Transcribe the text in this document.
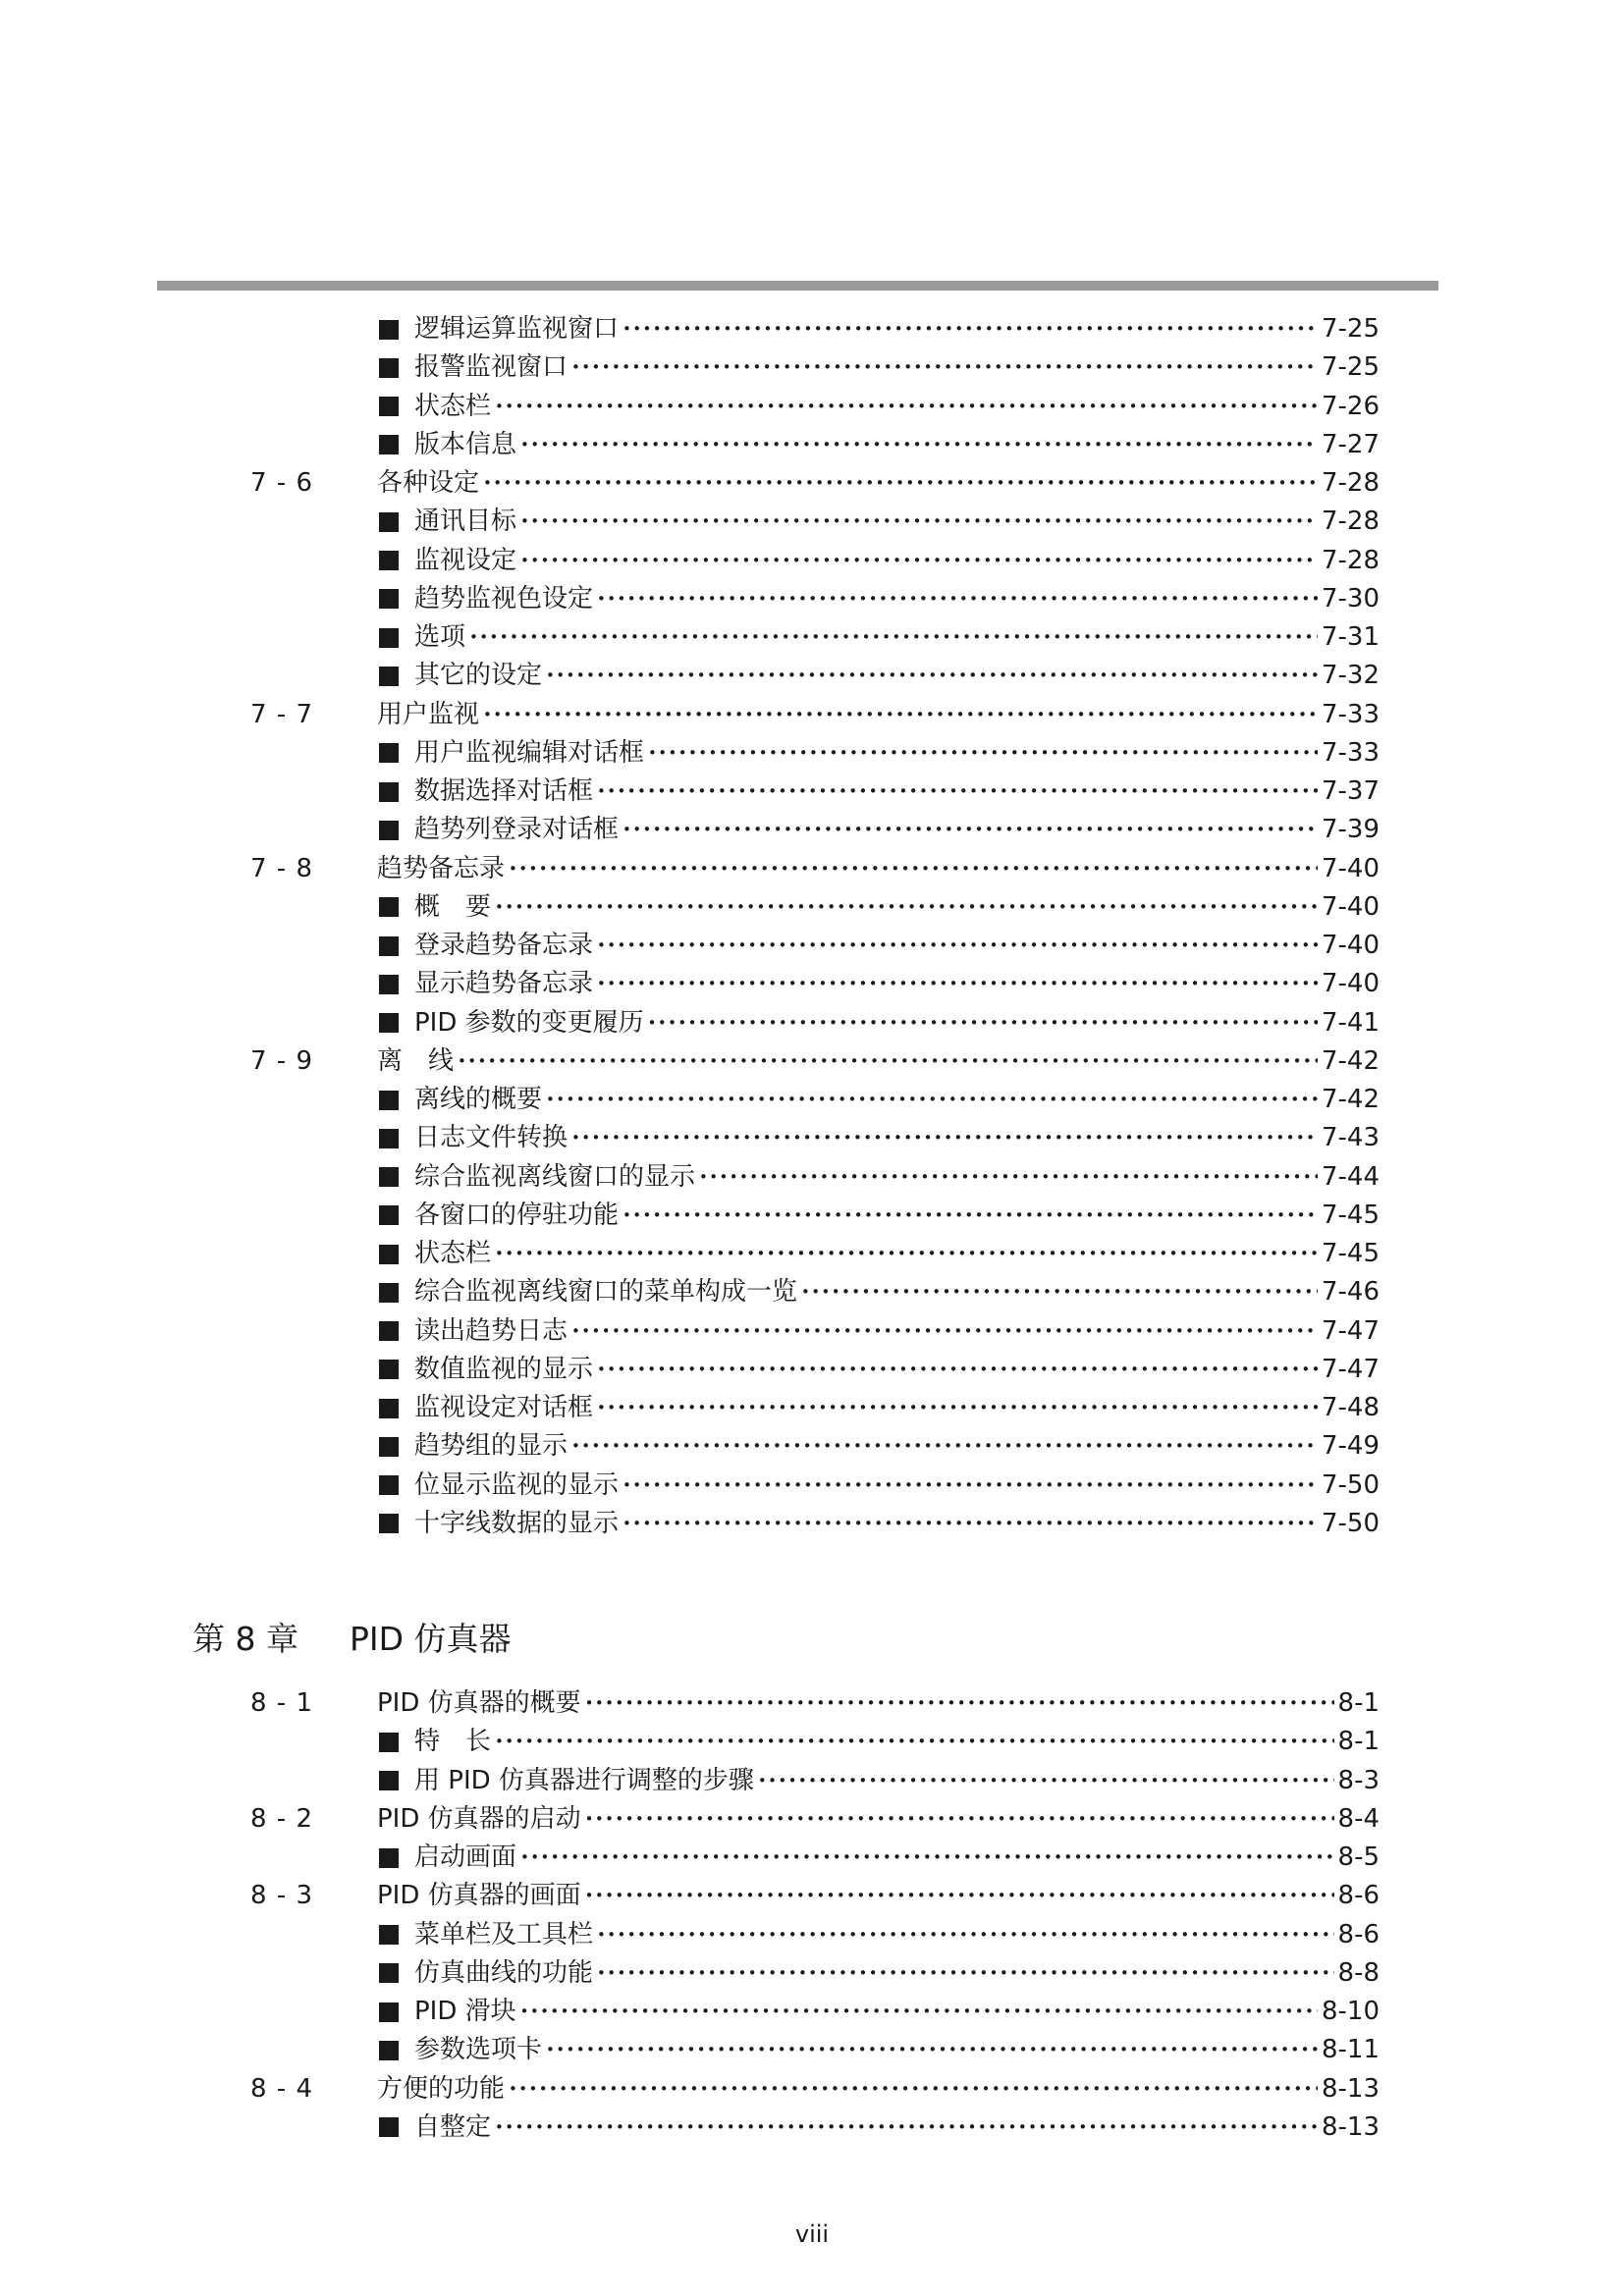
逻辑运算监视窗口 •••••	7-25
报警监视窗口 •••••	7-25
状态栏 •••••	7-26
版本信息 •••••	7-27
7 - 6	各种设定 •••••	7-28
通讯目标 •••••	7-28
监视设定 •••••	7-28
趋势监视色设定 •••••	7-30
选项 •••••	7-31
其它的设定 •••••	7-32
7 - 7	用户监视 •••••	7-33
用户监视编辑对话框 •••••	7-33
数据选择对话框 •••••	7-37
趋势列登录对话框 •••••	7-39
7 - 8	趋势备忘录 •••••	7-40
概　要 •••••	7-40
登录趋势备忘录 •••••	7-40
显示趋势备忘录 •••••	7-40
PID 参数的变更履历 •••••	7-41
7 - 9	离　线 •••••	7-42
离线的概要 •••••	7-42
日志文件转换 •••••	7-43
综合监视离线窗口的显示 •••••	7-44
各窗口的停驻功能 •••••	7-45
状态栏 •••••	7-45
综合监视离线窗口的菜单构成一览 •••••	7-46
读出趋势日志 •••••	7-47
数值监视的显示 •••••	7-47
监视设定对话框 •••••	7-48
趋势组的显示 •••••	7-49
位显示监视的显示 •••••	7-50
十字线数据的显示 •••••	7-50
8 - 1	PID 仿真器的概要 •••••	8-1
特　长 •••••	8-1
用 PID 仿真器进行调整的步骤 •••••	8-3
8 - 2	PID 仿真器的启动 •••••	8-4
启动画面 •••••	8-5
8 - 3	PID 仿真器的画面 •••••	8-6
菜单栏及工具栏 •••••	8-6
仿真曲线的功能 •••••	8-8
PID 滑块 •••••	8-10
参数选项卡 •••••	8-11
8 - 4	方便的功能 •••••	8-13
自整定 •••••	8-13
第 8 章 PID 仿真器
viii
